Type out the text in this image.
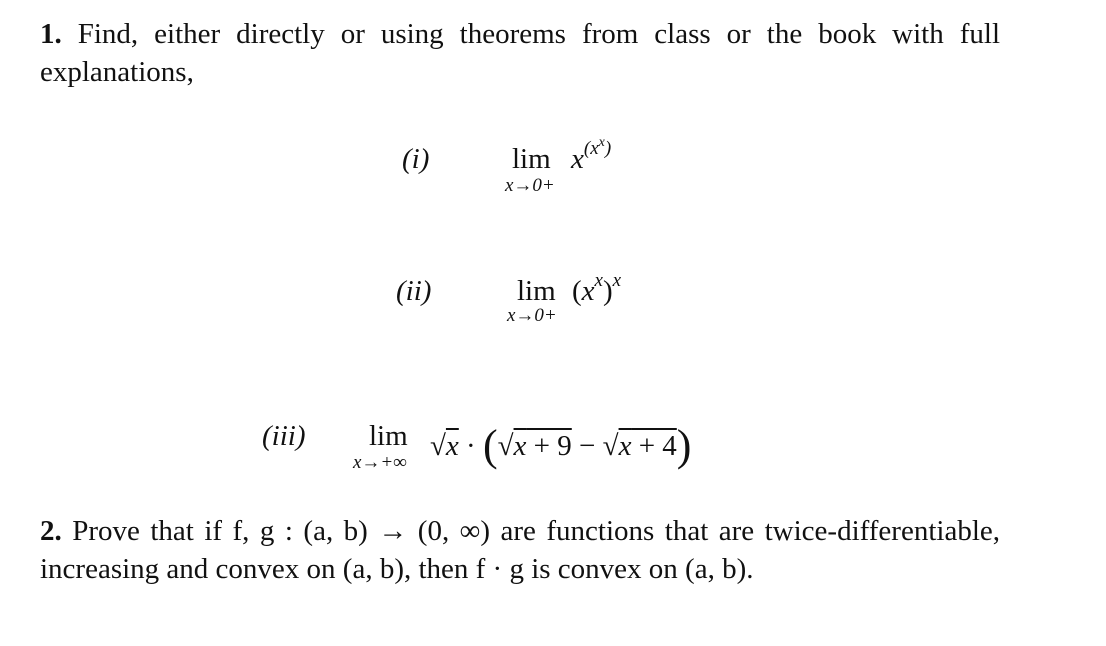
1. Find, either directly or using theorems from class or the book with full explanations,
(i)	lim
x→0+
$x^{(x^x)}$
(ii)	lim
x→0+
$(x^x)^x$
(iii) lim
x→+∞
√x · (√x + 9 − √x + 4)
2. Prove that if f, g : (a, b) → (0, ∞) are functions that are twice-differentiable, increasing and convex on (a, b), then f · g is convex on (a, b).
